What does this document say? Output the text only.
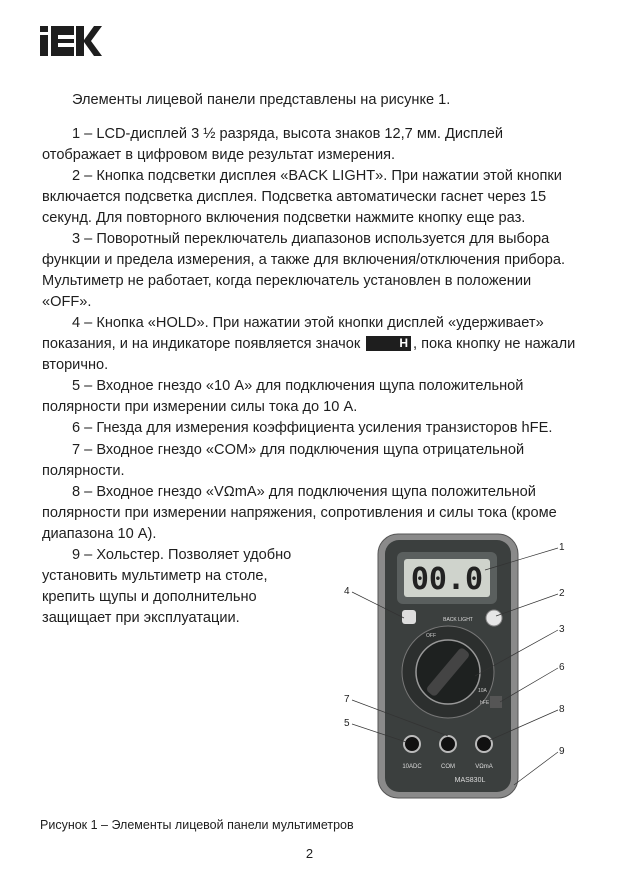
Элементы лицевой панели представлены на рисунке 1.
1 – LCD-дисплей 3 ½ разряда, высота знаков 12,7 мм. Дисплей отображает в цифровом виде результат измерения.
2 – Кнопка подсветки дисплея «BACK LIGHT». При нажатии этой кнопки включается подсветка дисплея. Подсветка автоматически гаснет через 15 секунд. Для повторного включения подсветки нажмите кнопку еще раз.
3 – Поворотный переключатель диапазонов используется для выбора функции и предела измерения, а также для включения/отключения прибора. Мультиметр не работает, когда переключатель установлен в положении «OFF».
4 – Кнопка «HOLD». При нажатии этой кнопки дисплей «удерживает» показания, и на индикаторе появляется значок	H , пока кнопку не нажали вторично.
5 – Входное гнездо «10 А» для подключения щупа положительной полярности при измерении силы тока до 10 А.
6 – Гнезда для измерения коэффициента усиления транзисторов hFE.
7 – Входное гнездо «COM» для подключения щупа отрицательной полярности.
8 – Входное гнездо «VΩmA» для подключения щупа положительной полярности при измерении напряжения, сопротивления и силы тока (кроме диапазона 10 А).
9 – Хольстер. Позволяет удобно установить мультиметр на столе, крепить щупы и дополнительно защищает при эксплуатации.
00.0
BACK LIGHT
OFF
10A
hFE
10ADC	COM	VΩmA
MAS830L
1
2
3
4
5
6
7
8
9
Рисунок 1 – Элементы лицевой панели мультиметров
2
